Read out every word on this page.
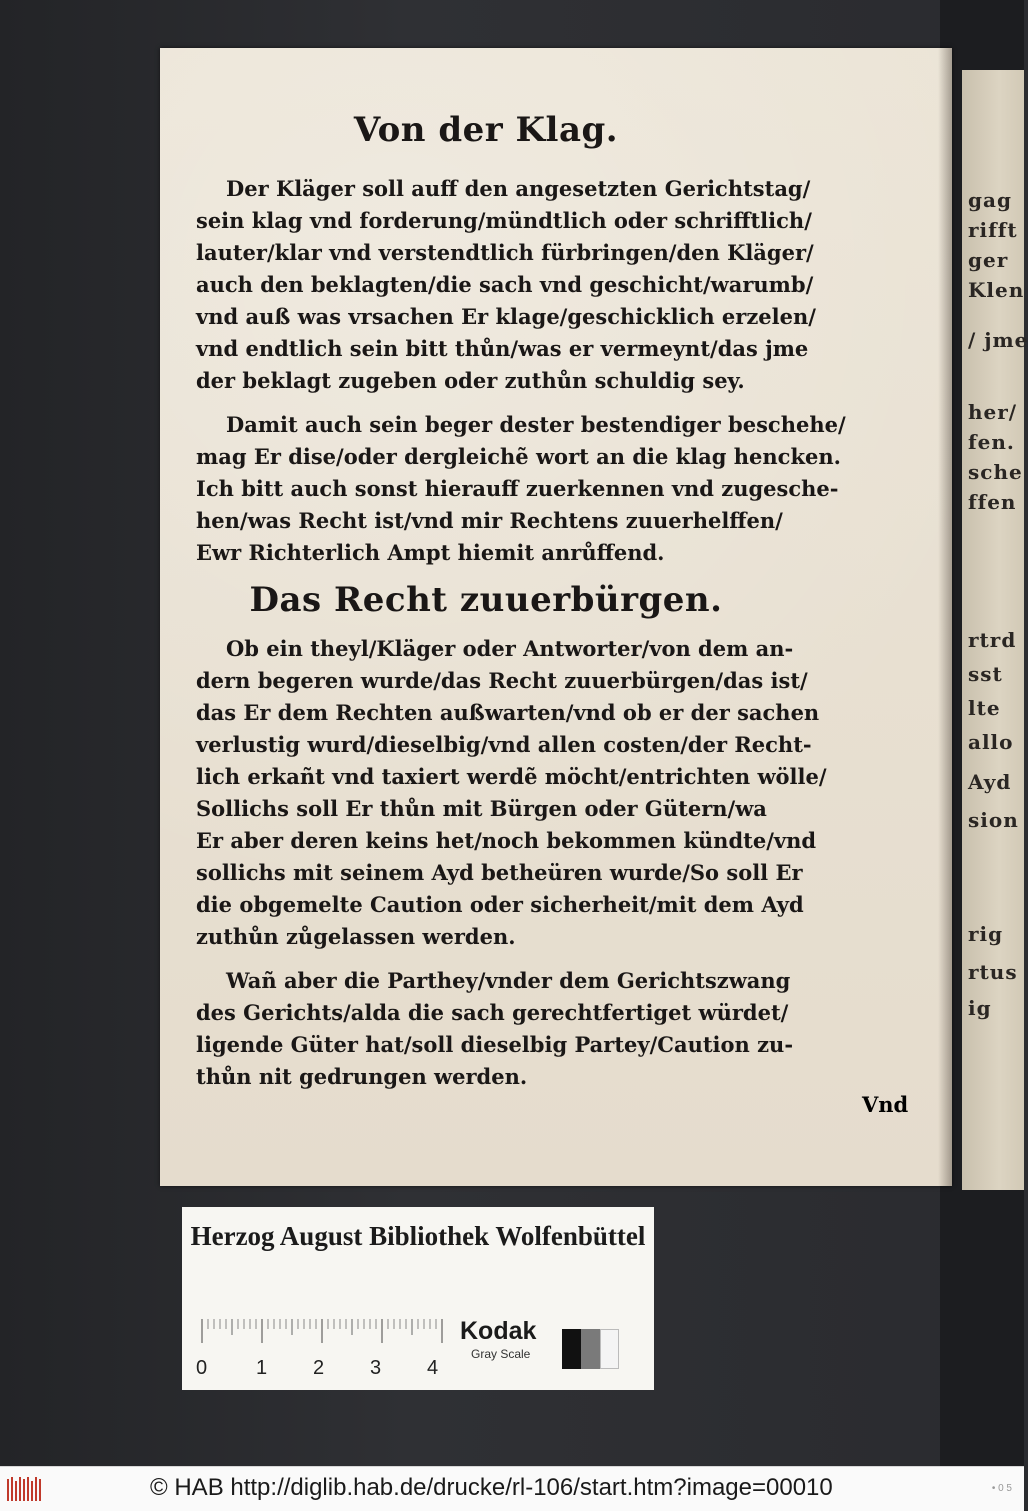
gag
rifft
ger
Klen
/ jme
her/
fen.
sche
ffen
rtrd
sst
lte
allo
Ayd
sion
rig
rtus
ig
Von der Klag.
Der Kläger soll auff den angesetzten Gerichtstag/
sein klag vnd forderung/mündtlich oder schrifftlich/
lauter/klar vnd verstendtlich fürbringen/den Kläger/
auch den beklagten/die sach vnd geschicht/warumb/
vnd auß was vrsachen Er klage/geschicklich erzelen/
vnd endtlich sein bitt thůn/was er vermeynt/das jme
der beklagt zugeben oder zuthůn schuldig sey.
Damit auch sein beger dester bestendiger beschehe/
mag Er dise/oder dergleichẽ wort an die klag hencken.
Ich bitt auch sonst hierauff zuerkennen vnd zugesche-
hen/was Recht ist/vnd mir Rechtens zuuerhelffen/
Ewr Richterlich Ampt hiemit anrůffend.
Das Recht zuuerbürgen.
Ob ein theyl/Kläger oder Antworter/von dem an-
dern begeren wurde/das Recht zuuerbürgen/das ist/
das Er dem Rechten außwarten/vnd ob er der sachen
verlustig wurd/dieselbig/vnd allen costen/der Recht-
lich erkañt vnd taxiert werdẽ möcht/entrichten wölle/
Sollichs soll Er thůn mit Bürgen oder Gütern/wa
Er aber deren keins het/noch bekommen kündte/vnd
sollichs mit seinem Ayd betheüren wurde/So soll Er
die obgemelte Caution oder sicherheit/mit dem Ayd
zuthůn zůgelassen werden.
Wañ aber die Parthey/vnder dem Gerichtszwang
des Gerichts/alda die sach gerechtfertiget würdet/
ligende Güter hat/soll dieselbig Partey/Caution zu-
thůn nit gedrungen werden.
Vnd
Herzog August Bibliothek Wolfenbüttel
0 1 2 3 4
Kodak
Gray Scale
© HAB http://diglib.hab.de/drucke/rl-106/start.htm?image=00010	• 0 5
